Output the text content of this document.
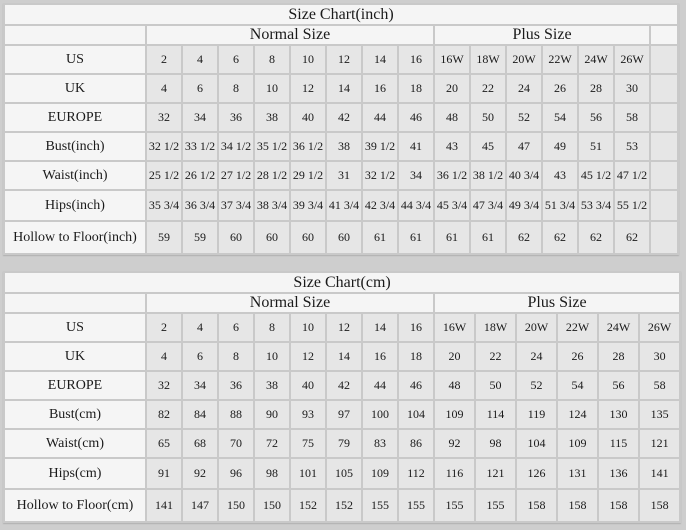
Size Chart(inch)															
	Normal Size								Plus Size						
US	2	4	6	8	10	12	14	16	16W	18W	20W	22W	24W	26W	
UK	4	6	8	10	12	14	16	18	20	22	24	26	28	30	
EUROPE	32	34	36	38	40	42	44	46	48	50	52	54	56	58	
Bust(inch)	32 1/2	33 1/2	34 1/2	35 1/2	36 1/2	38	39 1/2	41	43	45	47	49	51	53	
Waist(inch)	25 1/2	26 1/2	27 1/2	28 1/2	29 1/2	31	32 1/2	34	36 1/2	38 1/2	40 3/4	43	45 1/2	47 1/2	
Hips(inch)	35 3/4	36 3/4	37 3/4	38 3/4	39 3/4	41 3/4	42 3/4	44 3/4	45 3/4	47 3/4	49 3/4	51 3/4	53 3/4	55 1/2	
Hollow to Floor(inch)	59	59	60	60	60	60	61	61	61	61	62	62	62	62	
Size Chart(cm)														
	Normal Size								Plus Size					
US	2	4	6	8	10	12	14	16	16W	18W	20W	22W	24W	26W
UK	4	6	8	10	12	14	16	18	20	22	24	26	28	30
EUROPE	32	34	36	38	40	42	44	46	48	50	52	54	56	58
Bust(cm)	82	84	88	90	93	97	100	104	109	114	119	124	130	135
Waist(cm)	65	68	70	72	75	79	83	86	92	98	104	109	115	121
Hips(cm)	91	92	96	98	101	105	109	112	116	121	126	131	136	141
Hollow to Floor(cm)	141	147	150	150	152	152	155	155	155	155	158	158	158	158
